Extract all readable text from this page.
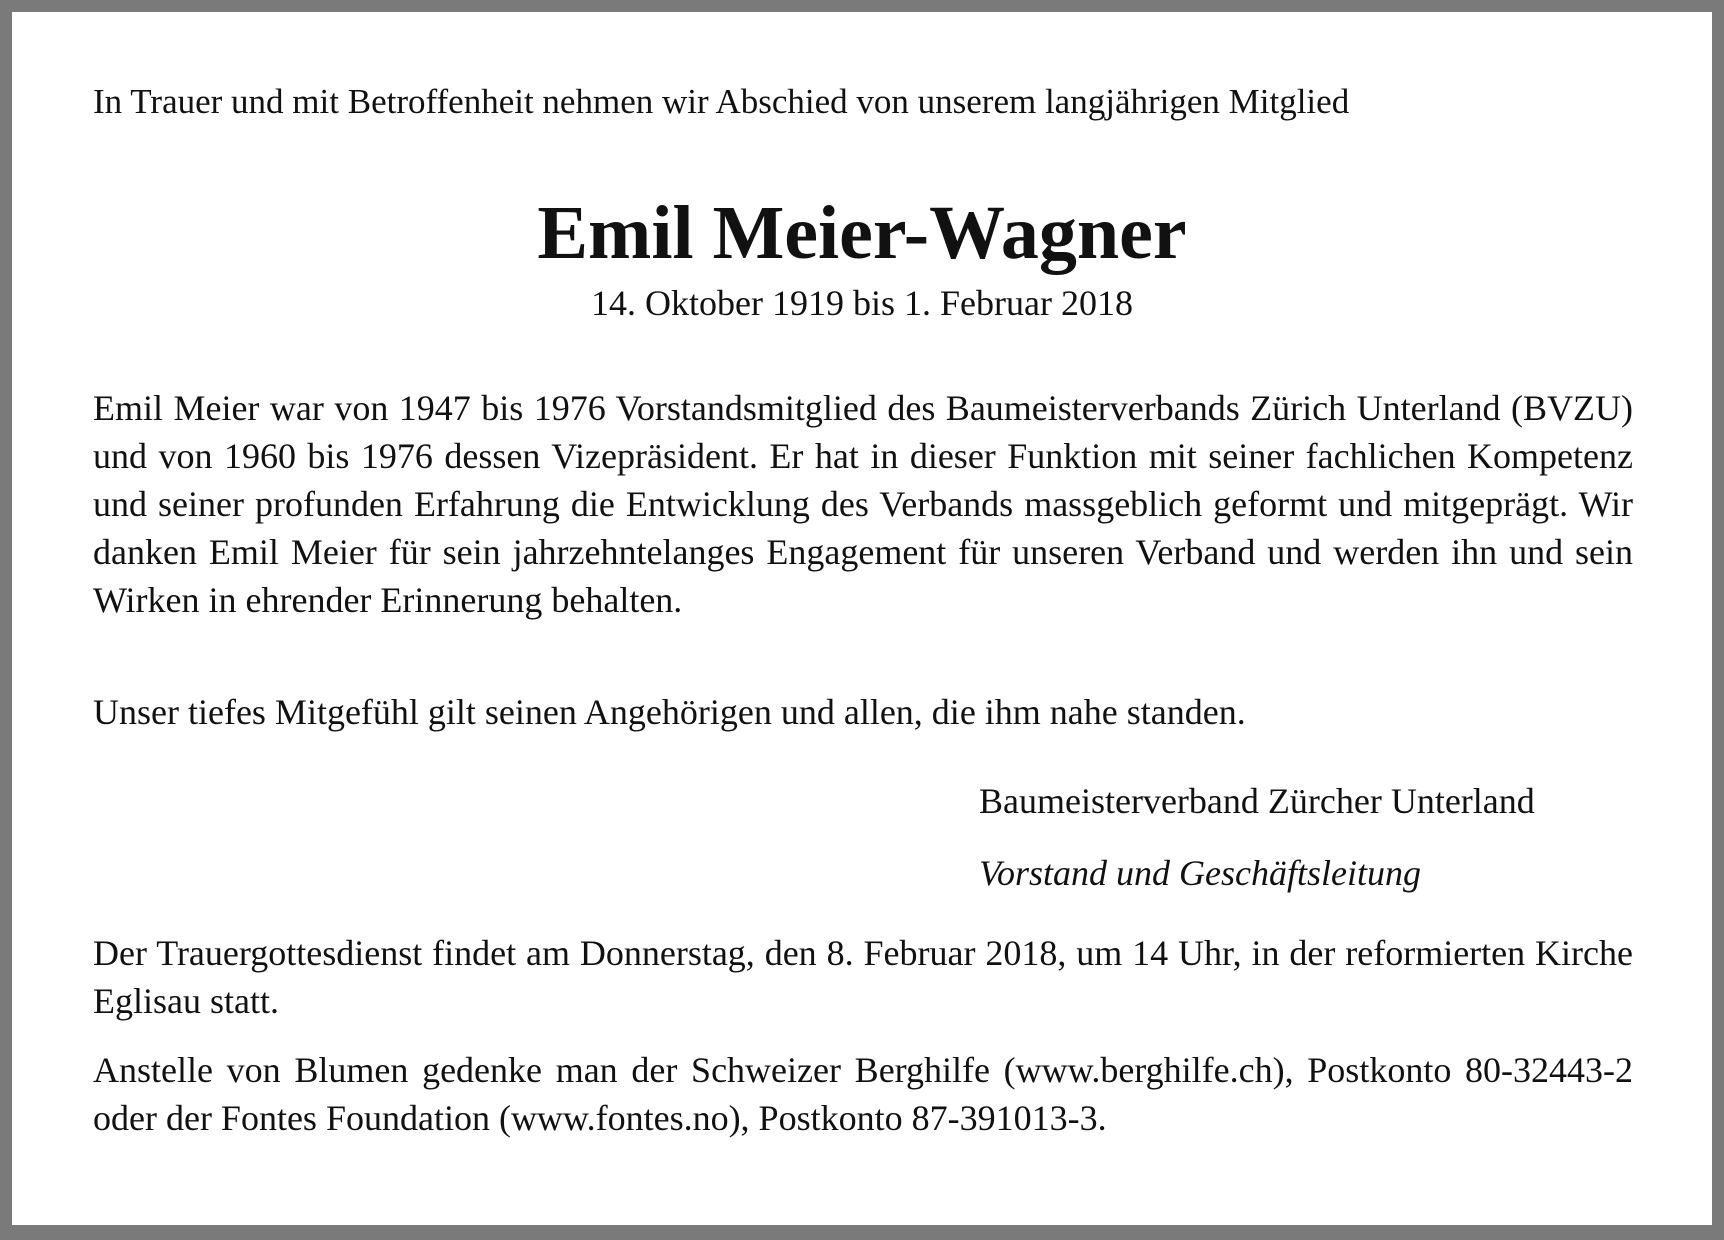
In Trauer und mit Betroffenheit nehmen wir Abschied von unserem langjährigen Mitglied
Emil Meier-Wagner
14. Oktober 1919 bis 1. Februar 2018

Emil Meier war von 1947 bis 1976 Vorstandsmitglied des Baumeisterverbands Zürich Unterland (BVZU) und von 1960 bis 1976 dessen Vizepräsident. Er hat in dieser Funktion mit seiner fachlichen Kompetenz und seiner profunden Erfahrung die Entwicklung des Verbands massgeblich geformt und mitgeprägt. Wir danken Emil Meier für sein jahrzehntelanges Engagement für unseren Verband und werden ihn und sein Wirken in ehrender Erinnerung behalten.

Unser tiefes Mitgefühl gilt seinen Angehörigen und allen, die ihm nahe standen.

Baumeisterverband Zürcher Unterland
Vorstand und Geschäftsleitung

Der Trauergottesdienst findet am Donnerstag, den 8. Februar 2018, um 14 Uhr, in der reformierten Kirche Eglisau statt.

Anstelle von Blumen gedenke man der Schweizer Berghilfe (www.berghilfe.ch), Postkonto 80-32443-2 oder der Fontes Foundation (www.fontes.no), Postkonto 87-391013-3.
